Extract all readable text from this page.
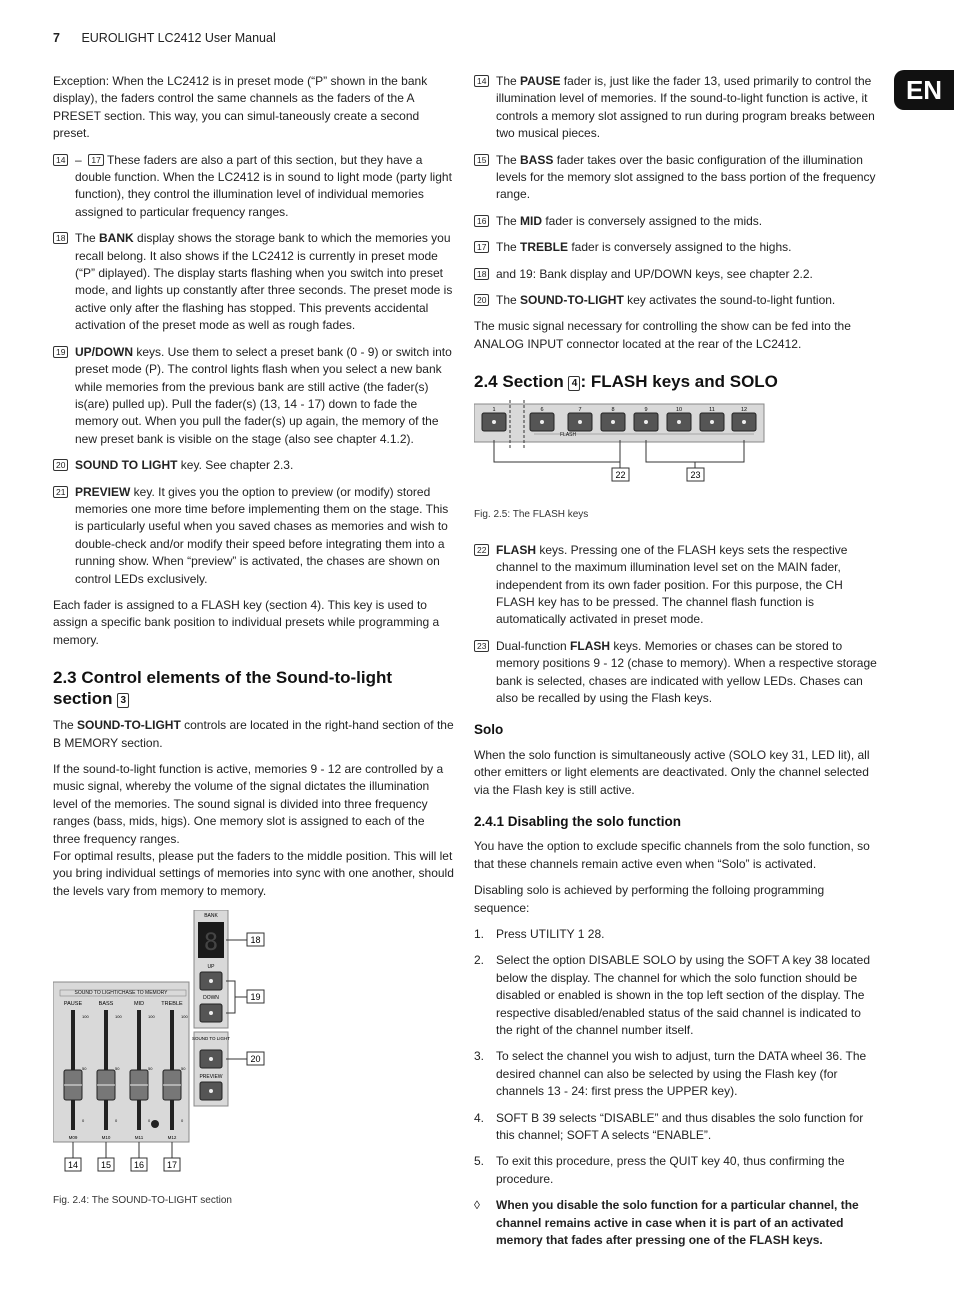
7 EUROLIGHT LC2412 User Manual
EN

Exception: When the LC2412 is in preset mode (“P” shown in the bank display), the faders control the same channels as the faders of the A PRESET section. This way, you can simul-taneously create a second preset.

14 – 17 These faders are also a part of this section, but they have a double function. When the LC2412 is in sound to light mode (party light function), they control the illumination level of individual memories assigned to particular frequency ranges.
18 The BANK display shows the storage bank to which the memories you recall belong. It also shows if the LC2412 is currently in preset mode (“P” diplayed). The display starts flashing when you switch into preset mode, and lights up constantly after three seconds. The preset mode is active only after the flashing has stopped. This prevents accidental activation of the preset mode as well as rough fades.
19 UP/DOWN keys. Use them to select a preset bank (0 - 9) or switch into preset mode (P). The control lights flash when you select a new bank while memories from the previous bank are still active (the fader(s) is(are) pulled up). Pull the fader(s) (13, 14 - 17) down to fade the memory out. When you pull the fader(s) up again, the memory of the new preset bank is visible on the stage (also see chapter 4.1.2).
20 SOUND TO LIGHT key. See chapter 2.3.
21 PREVIEW key. It gives you the option to preview (or modify) stored memories one more time before implementing them on the stage. This is particularly useful when you saved chases as memories and wish to double-check and/or modify their speed before integrating them into a running show. When “preview” is activated, the chases are shown on control LEDs exclusively.

Each fader is assigned to a FLASH key (section 4). This key is used to assign a specific bank position to individual presets while programming a memory.

2.3 Control elements of the Sound-to-light section 3

The SOUND-TO-LIGHT controls are located in the right-hand section of the B MEMORY section.

If the sound-to-light function is active, memories 9 - 12 are controlled by a music signal, whereby the volume of the signal dictates the illumination level of the memories. The sound signal is divided into three frequency ranges (bass, mids, higs). One memory slot is assigned to each of the three frequency ranges.

For optimal results, please put the faders to the middle position. This will let you bring individual settings of memories into sync with one another, should the levels vary from memory to memory.

SOUND TO LIGHT/CHASE TO MEMORY
PAUSE
100
50
0
M09
BASS
100
50
0
M10
MID
100
50
0
M11
TREBLE
100
50
0
M12
BANK
8
UP
DOWN
SOUND TO LIGHT
PREVIEW
18
19
20
14	15	16	17
Fig. 2.4: The SOUND-TO-LIGHT section
14 The PAUSE fader is, just like the fader 13, used primarily to control the illumination level of memories. If the sound-to-light function is active, it controls a memory slot assigned to run during program breaks between two musical pieces.
15 The BASS fader takes over the basic configuration of the illumination levels for the memory slot assigned to the bass portion of the frequency range.
16 The MID fader is conversely assigned to the mids.
17 The TREBLE fader is conversely assigned to the highs.
18 and 19: Bank display and UP/DOWN keys, see chapter 2.2.
20 The SOUND-TO-LIGHT key activates the sound-to-light funtion.

The music signal necessary for controlling the show can be fed into the ANALOG INPUT connector located at the rear of the LC2412.

2.4 Section 4 : FLASH keys and SOLO
FLASH
1	6	7	8	9	10	11	12
22	23
Fig. 2.5: The FLASH keys
22 FLASH keys. Pressing one of the FLASH keys sets the respective channel to the maximum illumination level set on the MAIN fader, independent from its own fader position. For this purpose, the CH FLASH key has to be pressed. The channel flash function is automatically activated in preset mode.
23 Dual-function FLASH keys. Memories or chases can be stored to memory positions 9 - 12 (chase to memory). When a respective storage bank is selected, chases are indicated with yellow LEDs. Chases can also be recalled by using the Flash keys.
Solo

When the solo function is simultaneously active (SOLO key 31, LED lit), all other emitters or light elements are deactivated. Only the channel selected via the Flash key is still active.

2.4.1 Disabling the solo function

You have the option to exclude specific channels from the solo function, so that these channels remain active even when “Solo” is activated.

Disabling solo is achieved by performing the folloing programming sequence:

1. Press UTILITY 1 28.
2. Select the option DISABLE SOLO by using the SOFT A key 38 located below the display. The channel for which the solo function should be disabled or enabled is shown in the top left section of the display. The respective disabled/enabled status of the said channel is indicated to the right of the channel number itself.
3. To select the channel you wish to adjust, turn the DATA wheel 36. The desired channel can also be selected by using the Flash key (for channels 13 - 24: first press the UPPER key).
4. SOFT B 39 selects “DISABLE” and thus disables the solo function for this channel; SOFT A selects “ENABLE”.
5. To exit this procedure, press the QUIT key 40, thus confirming the procedure.
◊	When you disable the solo function for a particular channel, the channel remains active in case when it is part of an activated memory that fades after pressing one of the FLASH keys.
